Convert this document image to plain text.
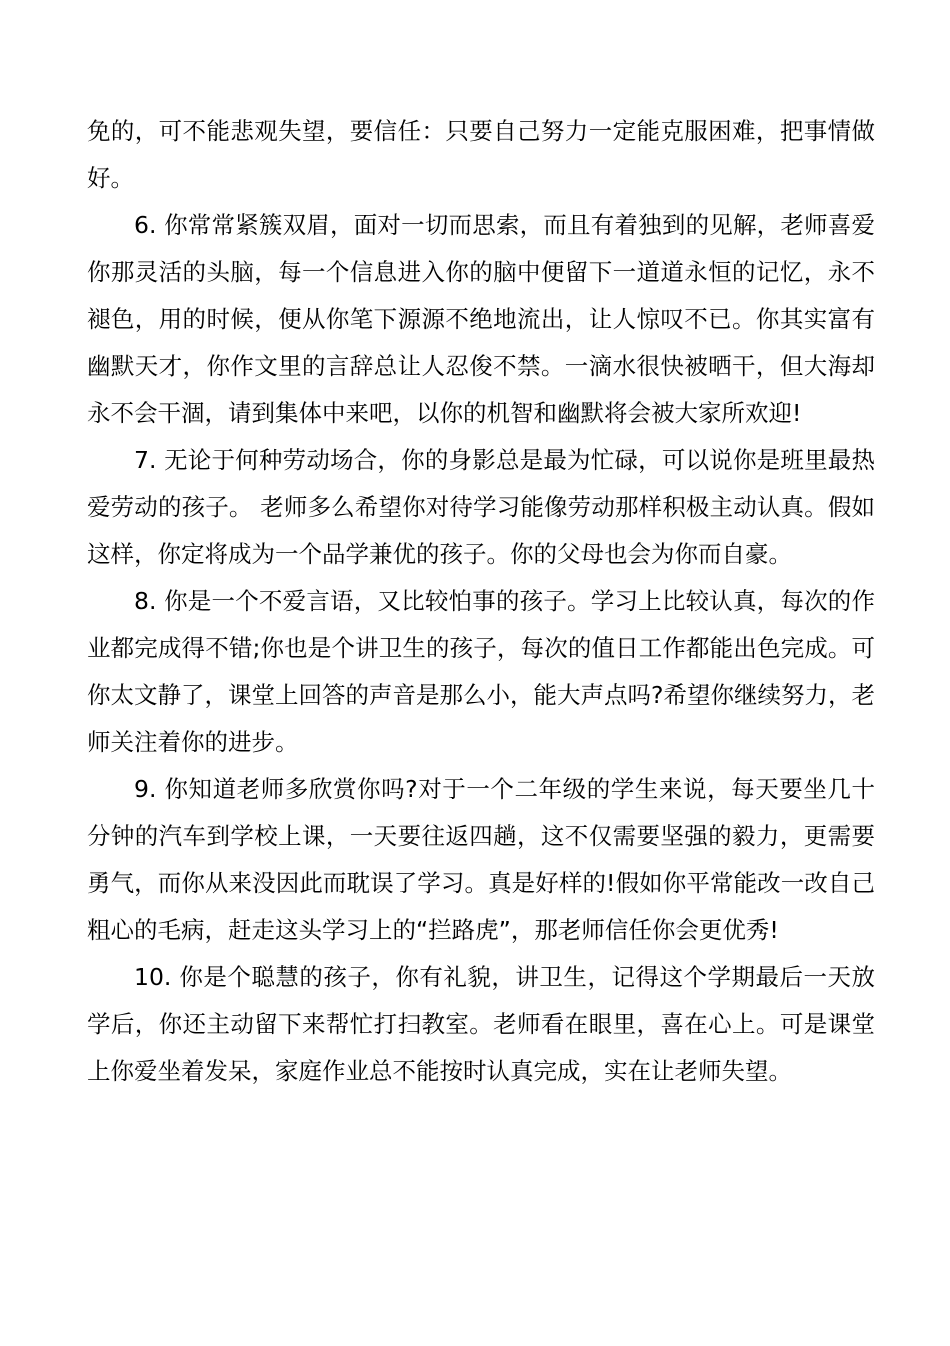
免的，可不能悲观失望，要信任：只要自己努力一定能克服困难，把事情做好。

6. 你常常紧簇双眉，面对一切而思索，而且有着独到的见解，老师喜爱你那灵活的头脑，每一个信息进入你的脑中便留下一道道永恒的记忆，永不褪色，用的时候，便从你笔下源源不绝地流出，让人惊叹不已。你其实富有幽默天才，你作文里的言辞总让人忍俊不禁。一滴水很快被晒干，但大海却永不会干涸，请到集体中来吧，以你的机智和幽默将会被大家所欢迎!

7. 无论于何种劳动场合，你的身影总是最为忙碌，可以说你是班里最热爱劳动的孩子。 老师多么希望你对待学习能像劳动那样积极主动认真。假如这样，你定将成为一个品学兼优的孩子。你的父母也会为你而自豪。

8. 你是一个不爱言语，又比较怕事的孩子。学习上比较认真，每次的作业都完成得不错;你也是个讲卫生的孩子，每次的值日工作都能出色完成。可你太文静了，课堂上回答的声音是那么小，能大声点吗?希望你继续努力，老师关注着你的进步。

9. 你知道老师多欣赏你吗?对于一个二年级的学生来说，每天要坐几十分钟的汽车到学校上课，一天要往返四趟，这不仅需要坚强的毅力，更需要勇气，而你从来没因此而耽误了学习。真是好样的!假如你平常能改一改自己粗心的毛病，赶走这头学习上的“拦路虎”，那老师信任你会更优秀!

10. 你是个聪慧的孩子，你有礼貌，讲卫生，记得这个学期最后一天放学后，你还主动留下来帮忙打扫教室。老师看在眼里，喜在心上。可是课堂上你爱坐着发呆，家庭作业总不能按时认真完成，实在让老师失望。
